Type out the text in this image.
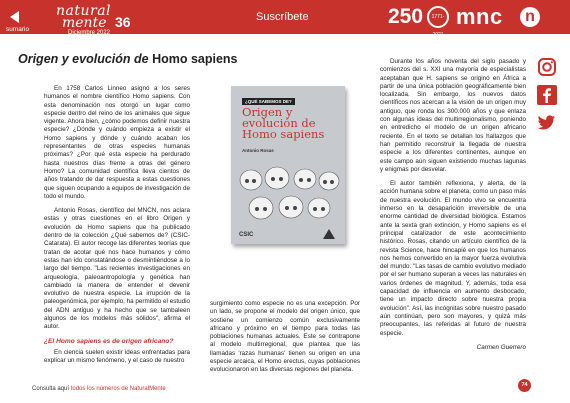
sumario
natural
mente 36
Diciembre 2022
Suscríbete	250	1771-2021
mnc	n
Origen y evolución de Homo sapiens

En 1758 Carlos Linneo asignó a los seres humanos el nombre científico Homo sapiens. Con esta denominación nos otorgó un lugar como especie dentro del reino de los animales que sigue vigente. Ahora bien, ¿cómo podemos definir nuestra especie? ¿Dónde y cuándo empieza a existir el Homo sapiens y dónde y cuándo acaban los representantes de otras especies humanas próximas? ¿Por qué esta especie ha perdurado hasta nuestros días frente a otras del género Homo? La comunidad científica lleva cientos de años tratando de dar respuesta a estas cuestiones que siguen ocupando a equipos de investigación de todo el mundo.

Antonio Rosas, científico del MNCN, nos aclara estas y otras cuestiones en el libro Origen y evolución de Homo sapiens que ha publicado dentro de la colección ¿Qué sabemos de? (CSIC-Catarata). El autor recoge las diferentes teorías que tratan de acotar qué nos hace humanos y cómo estas han ido constatándose o desmintiéndose a lo largo del tiempo. "Las recientes investigaciones en arqueología, paleoantropología y genética han cambiado la manera de entender el devenir evolutivo de nuestra especie. La irrupción de la paleogenómica, por ejemplo, ha permitido el estudio del ADN antiguo y ha hecho que se tambaleen algunos de los modelos más sólidos", afirma el autor.

¿El Homo sapiens es de origen africano?

En ciencia suelen existir ideas enfrentadas para explicar un mismo fenómeno, y el caso de nuestro

¿QUÉ SABEMOS DE?
Origen y evolución de Homo sapiens
Antonio Rosas
CSIC

surgimiento como especie no es una excepción. Por un lado, se propone el modelo del origen único, que sostiene un comienzo común exclusivamente africano y próximo en el tiempo para todas las poblaciones humanas actuales. Este se contrapone al modelo multirregional, que plantea que las llamadas 'razas humanas' tienen su origen en una especie arcaica, el Homo erectus, cuyas poblaciones evolucionaron en las diversas regiones del planeta.

Durante los años noventa del siglo pasado y comienzos del s. XXI una mayoría de especialistas aceptaban que H. sapiens se originó en África a partir de una única población geográficamente bien localizada. Sin embargo, los nuevos datos científicos nos acercan a la visión de un origen muy antiguo, que ronda los 300.000 años y que enlaza con algunas ideas del multirregionalismo, poniendo en entredicho el modelo de un origen africano reciente. En el texto se detallan los hallazgos que han permitido reconstruir la llegada de nuestra especie a los diferentes continentes, aunque en este campo aún siguen existiendo muchas lagunas y enigmas por desvelar.

El autor también reflexiona, y alerta, de la acción humana sobre el planeta, como un paso más de nuestra evolución. El mundo vivo se encuentra inmerso en la desaparición irreversible de una enorme cantidad de diversidad biológica. Estamos ante la sexta gran extinción, y Homo sapiens es el principal catalizador de este acontecimiento histórico. Rosas, citando un artículo científico de la revista Science, hace hincapié en que los humanos nos hemos convertido en la mayor fuerza evolutiva del mundo. "Las tasas de cambio evolutivo mediado por el ser humano superan a veces las naturales en varios órdenes de magnitud. Y, además, toda esa capacidad de influencia en aumento desbocado, tiene un impacto directo sobre nuestra propia evolución". Así, las incógnitas sobre nuestro pasado aún continúan, pero son mayores, y quizá más preocupantes, las referidas al futuro de nuestra especie.

Carmen Guerrero
Consulta aquí todos los números de NaturalMente
74
